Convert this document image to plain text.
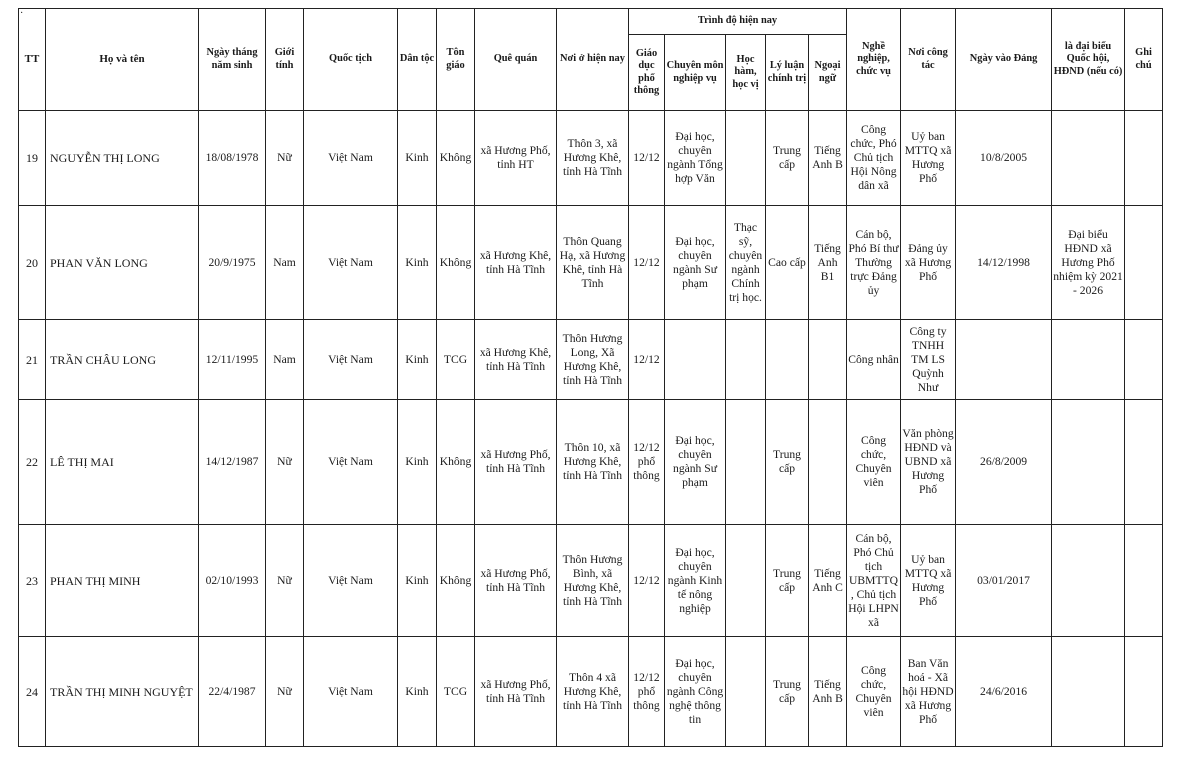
·
TT	Họ và tên	Ngày tháng năm sinh	Giới tính	Quốc tịch	Dân tộc	Tôn giáo	Quê quán	Nơi ở hiện nay	Trình độ hiện nay					Nghề nghiệp, chức vụ	Nơi công tác	Ngày vào Đảng	là đại biểu Quốc hội, HĐND (nếu có)	Ghi chú
									Giáo dục phổ thông	Chuyên môn nghiệp vụ	Học hàm, học vị	Lý luận chính trị	Ngoại ngữ					
19	NGUYỄN THỊ LONG	18/08/1978	Nữ	Việt Nam	Kinh	Không	xã Hương Phố, tỉnh HT	Thôn 3, xã Hương Khê, tỉnh Hà Tĩnh	12/12	Đại học, chuyên ngành Tổng hợp Văn		Trung cấp	Tiếng Anh B	Công chức, Phó Chủ tịch Hội Nông dân xã	Uỷ ban MTTQ xã Hương Phố	10/8/2005		
20	PHAN VĂN LONG	20/9/1975	Nam	Việt Nam	Kinh	Không	xã Hương Khê, tỉnh Hà Tĩnh	Thôn Quang Hạ, xã Hương Khê, tỉnh Hà Tĩnh	12/12	Đại học, chuyên ngành Sư phạm	Thạc sỹ, chuyên ngành Chính trị học.	Cao cấp	Tiếng Anh B1	Cán bộ, Phó Bí thư Thường trực Đảng ủy	Đảng ủy xã Hương Phố	14/12/1998	Đại biểu HĐND xã Hương Phố nhiệm kỳ 2021 - 2026	
21	TRẦN CHÂU LONG	12/11/1995	Nam	Việt Nam	Kinh	TCG	xã Hương Khê, tỉnh Hà Tĩnh	Thôn Hương Long, Xã Hương Khê, tỉnh Hà Tĩnh	12/12					Công nhân	Công ty TNHH TM LS Quỳnh Như			
22	LÊ THỊ MAI	14/12/1987	Nữ	Việt Nam	Kinh	Không	xã Hương Phố, tỉnh Hà Tĩnh	Thôn 10, xã Hương Khê, tỉnh Hà Tĩnh	12/12 phổ thông	Đại học, chuyên ngành Sư phạm		Trung cấp		Công chức, Chuyên viên	Văn phòng HĐND và UBND xã Hương Phố	26/8/2009		
23	PHAN THỊ MINH	02/10/1993	Nữ	Việt Nam	Kinh	Không	xã Hương Phố, tỉnh Hà Tĩnh	Thôn Hương Bình, xã Hương Khê, tỉnh Hà Tĩnh	12/12	Đại học, chuyên ngành Kinh tế nông nghiệp		Trung cấp	Tiếng Anh C	Cán bộ, Phó Chủ tịch UBMTTQ, Chủ tịch Hội LHPN xã	Uỷ ban MTTQ xã Hương Phố	03/01/2017		
24	TRẦN THỊ MINH NGUYỆT	22/4/1987	Nữ	Việt Nam	Kinh	TCG	xã Hương Phố, tỉnh Hà Tĩnh	Thôn 4 xã Hương Khê, tỉnh Hà Tĩnh	12/12 phổ thông	Đại học, chuyên ngành Công nghệ thông tin		Trung cấp	Tiếng Anh B	Công chức, Chuyên viên	Ban Văn hoá - Xã hội HĐND xã Hương Phố	24/6/2016		
